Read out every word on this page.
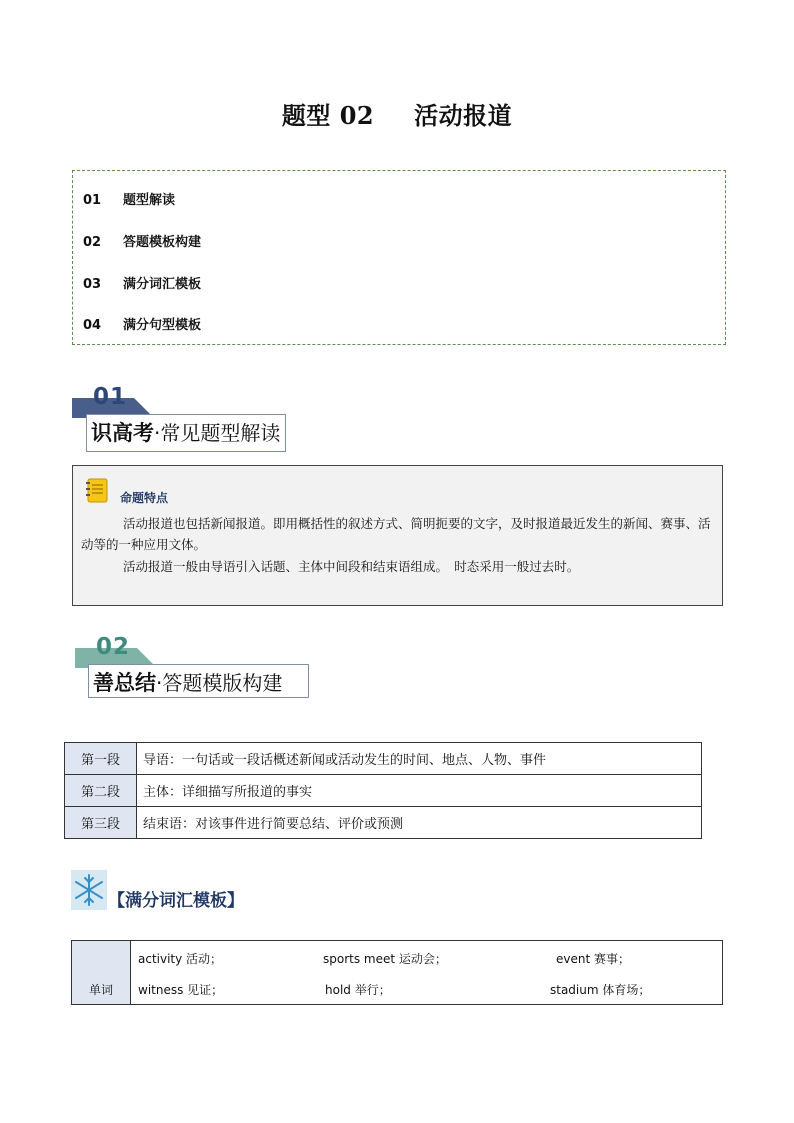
题型 02 活动报道
01 题型解读
02 答题模板构建
03 满分词汇模板
04 满分句型模板
01
识高考·常见题型解读
命题特点
活动报道也包括新闻报道。即用概括性的叙述方式、简明扼要的文字，及时报道最近发生的新闻、赛事、活动等的一种应用文体。
活动报道一般由导语引入话题、主体中间段和结束语组成。　时态采用一般过去时。
02
善总结·答题模版构建
第一段	导语：一句话或一段话概述新闻或活动发生的时间、地点、人物、事件
第二段	主体：详细描写所报道的事实
第三段	结束语：对该事件进行简要总结、评价或预测
【满分词汇模板】
单词	
activity 活动；	sports meet 运动会；	event 赛事；
witness 见证；	hold 举行；	stadium 体育场；
